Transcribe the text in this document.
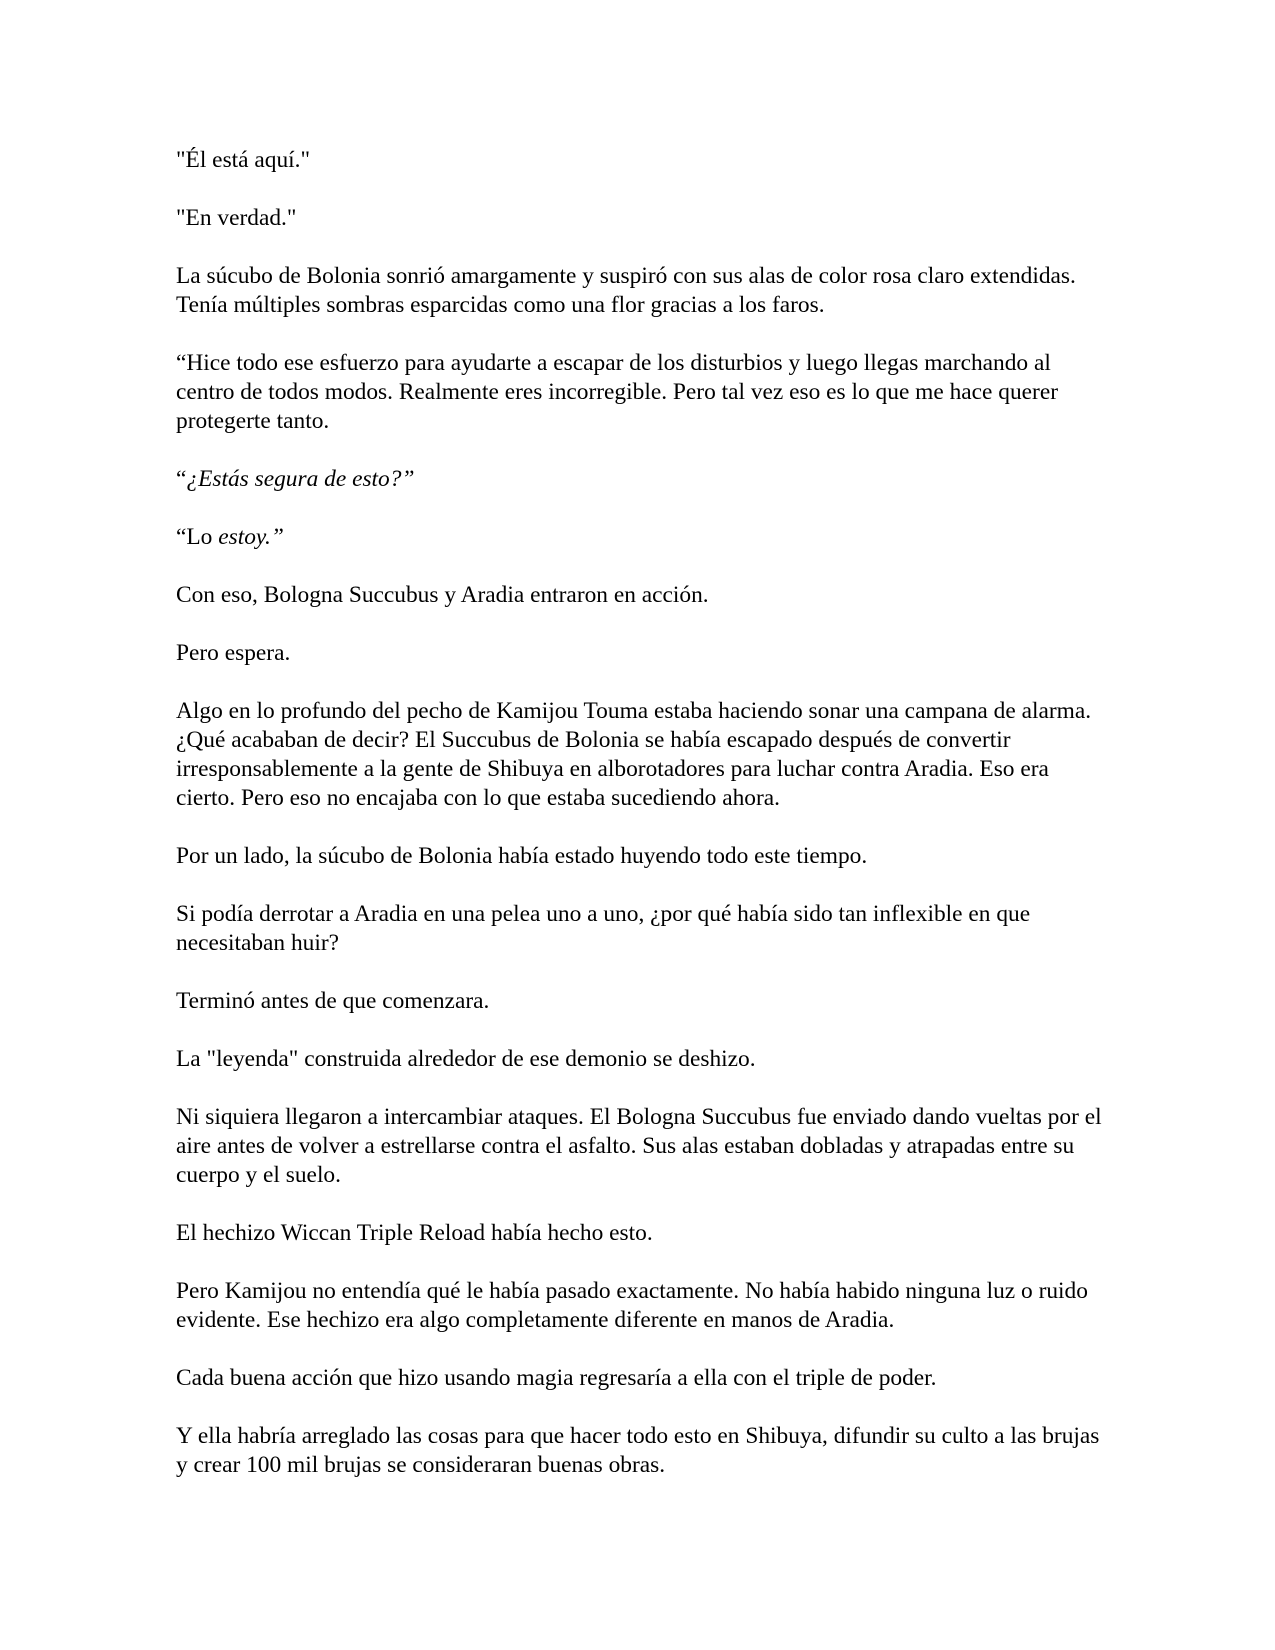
"Él está aquí."

"En verdad."

La súcubo de Bolonia sonrió amargamente y suspiró con sus alas de color rosa claro extendidas. Tenía múltiples sombras esparcidas como una flor gracias a los faros.

“Hice todo ese esfuerzo para ayudarte a escapar de los disturbios y luego llegas marchando al centro de todos modos. Realmente eres incorregible. Pero tal vez eso es lo que me hace querer protegerte tanto.

“¿Estás segura de esto?”

“Lo estoy.”

Con eso, Bologna Succubus y Aradia entraron en acción.

Pero espera.

Algo en lo profundo del pecho de Kamijou Touma estaba haciendo sonar una campana de alarma. ¿Qué acababan de decir? El Succubus de Bolonia se había escapado después de convertir irresponsablemente a la gente de Shibuya en alborotadores para luchar contra Aradia. Eso era cierto. Pero eso no encajaba con lo que estaba sucediendo ahora.

Por un lado, la súcubo de Bolonia había estado huyendo todo este tiempo.

Si podía derrotar a Aradia en una pelea uno a uno, ¿por qué había sido tan inflexible en que necesitaban huir?

Terminó antes de que comenzara.

La "leyenda" construida alrededor de ese demonio se deshizo.

Ni siquiera llegaron a intercambiar ataques. El Bologna Succubus fue enviado dando vueltas por el aire antes de volver a estrellarse contra el asfalto. Sus alas estaban dobladas y atrapadas entre su cuerpo y el suelo.

El hechizo Wiccan Triple Reload había hecho esto.

Pero Kamijou no entendía qué le había pasado exactamente. No había habido ninguna luz o ruido evidente. Ese hechizo era algo completamente diferente en manos de Aradia.

Cada buena acción que hizo usando magia regresaría a ella con el triple de poder.

Y ella habría arreglado las cosas para que hacer todo esto en Shibuya, difundir su culto a las brujas y crear 100 mil brujas se consideraran buenas obras.
